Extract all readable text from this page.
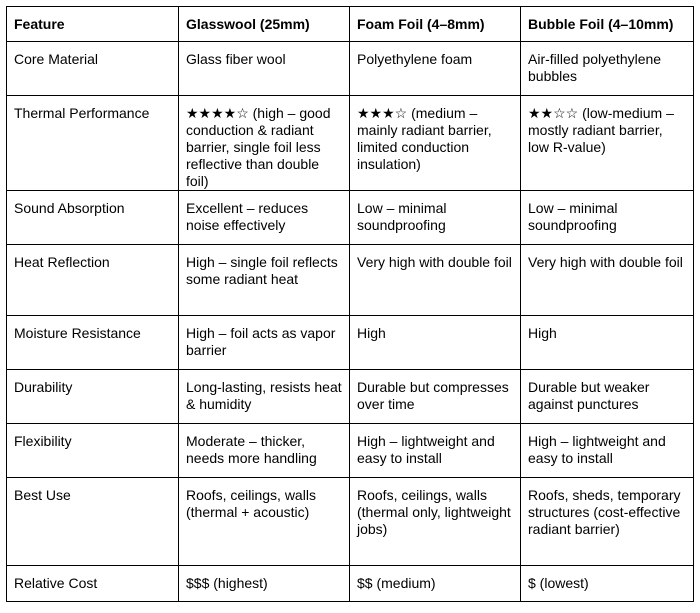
Feature	Glasswool (25mm)	Foam Foil (4–8mm)	Bubble Foil (4–10mm)
Core Material	Glass fiber wool	Polyethylene foam	Air-filled polyethylene bubbles
Thermal Performance	★★★★☆ (high – good conduction & radiant barrier, single foil less reflective than double foil)	★★★☆ (medium – mainly radiant barrier, limited conduction insulation)	★★☆☆ (low-medium – mostly radiant barrier, low R-value)
Sound Absorption	Excellent – reduces noise effectively	Low – minimal soundproofing	Low – minimal soundproofing
Heat Reflection	High – single foil reflects some radiant heat	Very high with double foil	Very high with double foil
Moisture Resistance	High – foil acts as vapor barrier	High	High
Durability	Long-lasting, resists heat & humidity	Durable but compresses over time	Durable but weaker against punctures
Flexibility	Moderate – thicker, needs more handling	High – lightweight and easy to install	High – lightweight and easy to install
Best Use	Roofs, ceilings, walls (thermal + acoustic)	Roofs, ceilings, walls (thermal only, lightweight jobs)	Roofs, sheds, temporary structures (cost-effective radiant barrier)
Relative Cost	$$$ (highest)	$$ (medium)	$ (lowest)
